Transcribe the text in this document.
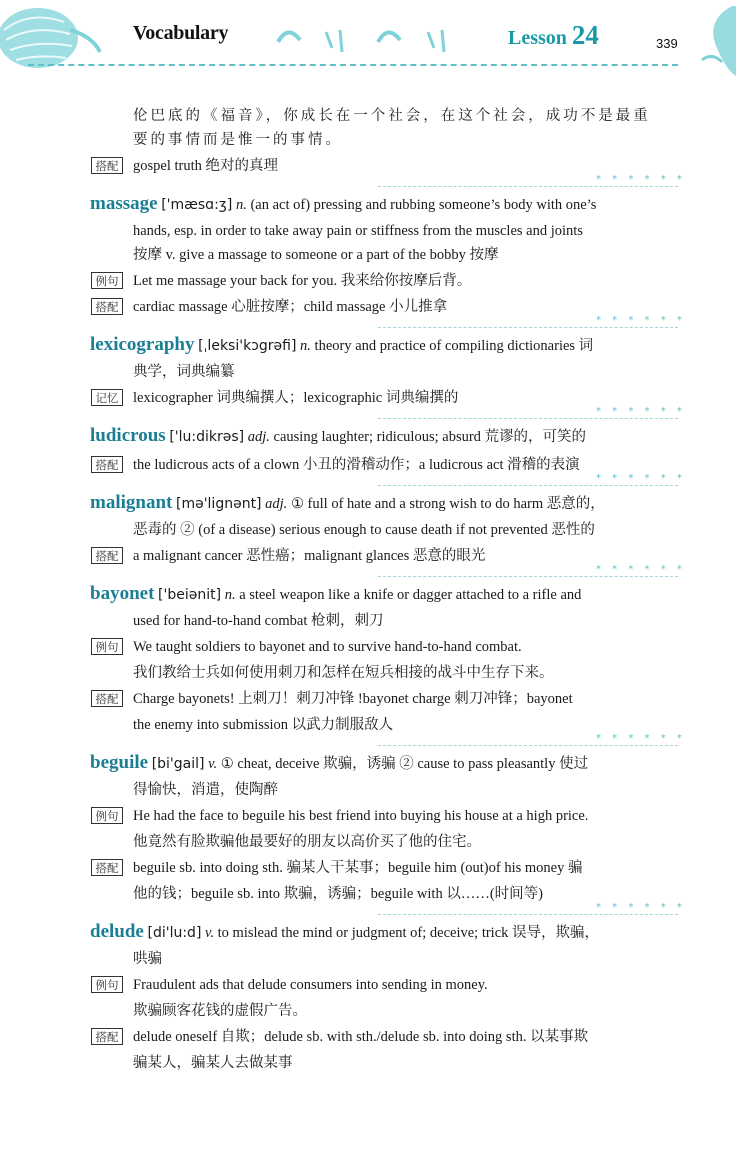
Vocabulary	Lesson 24	339
伦巴底的《福音》，你成长在一个社会，在这个社会，成功不是最重
要的事情而是惟一的事情。
搭配	gospel truth 绝对的真理
* * * * * *
massage ['mæsɑ:ʒ] n. (an act of) pressing and rubbing someone’s body with one’s
hands, esp. in order to take away pain or stiffness from the muscles and joints
按摩 v. give a massage to someone or a part of the bobby 按摩
例句	Let me massage your back for you. 我来给你按摩后背。
搭配	cardiac massage 心脏按摩；child massage 小儿推拿
* * * * * *
lexicography [ˌleksi'kɔgrəfi] n. theory and practice of compiling dictionaries 词
典学，词典编纂
记忆	lexicographer 词典编撰人；lexicographic 词典编撰的
* * * * * *
ludicrous ['lu:dikrəs] adj. causing laughter; ridiculous; absurd 荒谬的，可笑的
搭配	the ludicrous acts of a clown 小丑的滑稽动作；a ludicrous act 滑稽的表演
* * * * * *
malignant [mə'lignənt] adj. ① full of hate and a strong wish to do harm 恶意的，
恶毒的 ② (of a disease) serious enough to cause death if not prevented 恶性的
搭配	a malignant cancer 恶性癌；malignant glances 恶意的眼光
* * * * * *
bayonet ['beiənit] n. a steel weapon like a knife or dagger attached to a rifle and
used for hand-to-hand combat 枪刺，刺刀
例句	We taught soldiers to bayonet and to survive hand-to-hand combat.
我们教给士兵如何使用刺刀和怎样在短兵相接的战斗中生存下来。
搭配	Charge bayonets! 上刺刀！刺刀冲锋 !bayonet charge 刺刀冲锋；bayonet
the enemy into submission 以武力制服敌人
* * * * * *
beguile [bi'gail] v. ① cheat, deceive 欺骗，诱骗 ② cause to pass pleasantly 使过
得愉快，消遣，使陶醉
例句	He had the face to beguile his best friend into buying his house at a high price.
他竟然有脸欺骗他最要好的朋友以高价买了他的住宅。
搭配	beguile sb. into doing sth. 骗某人干某事；beguile him (out)of his money 骗
他的钱；beguile sb. into 欺骗，诱骗；beguile with 以……(时间等)
* * * * * *
delude [di'lu:d] v. to mislead the mind or judgment of; deceive; trick 误导，欺骗，
哄骗
例句	Fraudulent ads that delude consumers into sending in money.
欺骗顾客花钱的虚假广告。
搭配	delude oneself 自欺；delude sb. with sth./delude sb. into doing sth. 以某事欺
骗某人，骗某人去做某事
